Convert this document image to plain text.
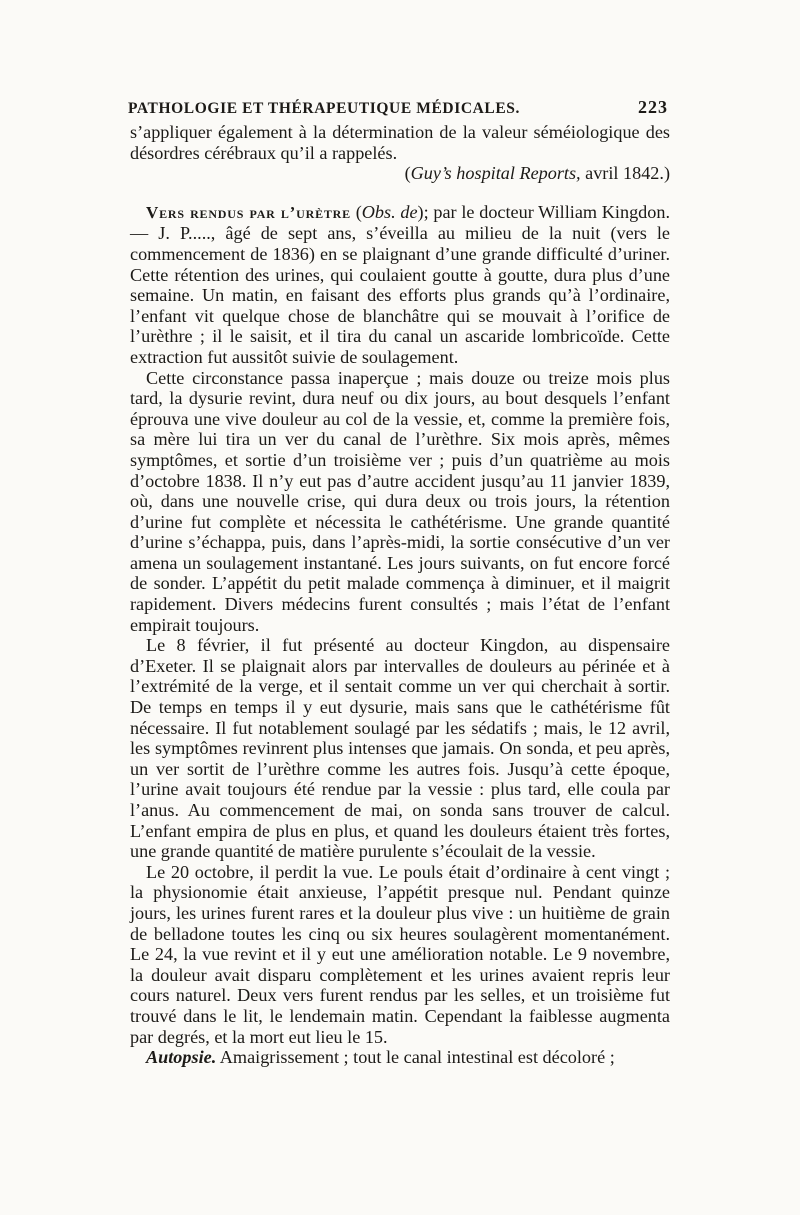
PATHOLOGIE ET THÉRAPEUTIQUE MÉDICALES.	223

s’appliquer également à la détermination de la valeur séméiologique des désordres cérébraux qu’il a rappelés.

(Guy’s hospital Reports, avril 1842.)

Vers rendus par l’urètre (Obs. de); par le docteur William Kingdon. — J. P....., âgé de sept ans, s’éveilla au milieu de la nuit (vers le commencement de 1836) en se plaignant d’une grande difficulté d’uriner. Cette rétention des urines, qui coulaient goutte à goutte, dura plus d’une semaine. Un matin, en faisant des efforts plus grands qu’à l’ordinaire, l’enfant vit quelque chose de blanchâtre qui se mouvait à l’orifice de l’urèthre ; il le saisit, et il tira du canal un ascaride lombricoïde. Cette extraction fut aussitôt suivie de soulagement.

Cette circonstance passa inaperçue ; mais douze ou treize mois plus tard, la dysurie revint, dura neuf ou dix jours, au bout desquels l’enfant éprouva une vive douleur au col de la vessie, et, comme la première fois, sa mère lui tira un ver du canal de l’urèthre. Six mois après, mêmes symptômes, et sortie d’un troisième ver ; puis d’un quatrième au mois d’octobre 1838. Il n’y eut pas d’autre accident jusqu’au 11 janvier 1839, où, dans une nouvelle crise, qui dura deux ou trois jours, la rétention d’urine fut complète et nécessita le cathétérisme. Une grande quantité d’urine s’échappa, puis, dans l’après-midi, la sortie consécutive d’un ver amena un soulagement instantané. Les jours suivants, on fut encore forcé de sonder. L’appétit du petit malade commença à diminuer, et il maigrit rapidement. Divers médecins furent consultés ; mais l’état de l’enfant empirait toujours.

Le 8 février, il fut présenté au docteur Kingdon, au dispensaire d’Exeter. Il se plaignait alors par intervalles de douleurs au périnée et à l’extrémité de la verge, et il sentait comme un ver qui cherchait à sortir. De temps en temps il y eut dysurie, mais sans que le cathétérisme fût nécessaire. Il fut notablement soulagé par les sédatifs ; mais, le 12 avril, les symptômes revinrent plus intenses que jamais. On sonda, et peu après, un ver sortit de l’urèthre comme les autres fois. Jusqu’à cette époque, l’urine avait toujours été rendue par la vessie : plus tard, elle coula par l’anus. Au commencement de mai, on sonda sans trouver de calcul. L’enfant empira de plus en plus, et quand les douleurs étaient très fortes, une grande quantité de matière purulente s’écoulait de la vessie.

Le 20 octobre, il perdit la vue. Le pouls était d’ordinaire à cent vingt ; la physionomie était anxieuse, l’appétit presque nul. Pendant quinze jours, les urines furent rares et la douleur plus vive : un huitième de grain de belladone toutes les cinq ou six heures soulagèrent momentanément. Le 24, la vue revint et il y eut une amélioration notable. Le 9 novembre, la douleur avait disparu complètement et les urines avaient repris leur cours naturel. Deux vers furent rendus par les selles, et un troisième fut trouvé dans le lit, le lendemain matin. Cependant la faiblesse augmenta par degrés, et la mort eut lieu le 15.

Autopsie. Amaigrissement ; tout le canal intestinal est décoloré ;
